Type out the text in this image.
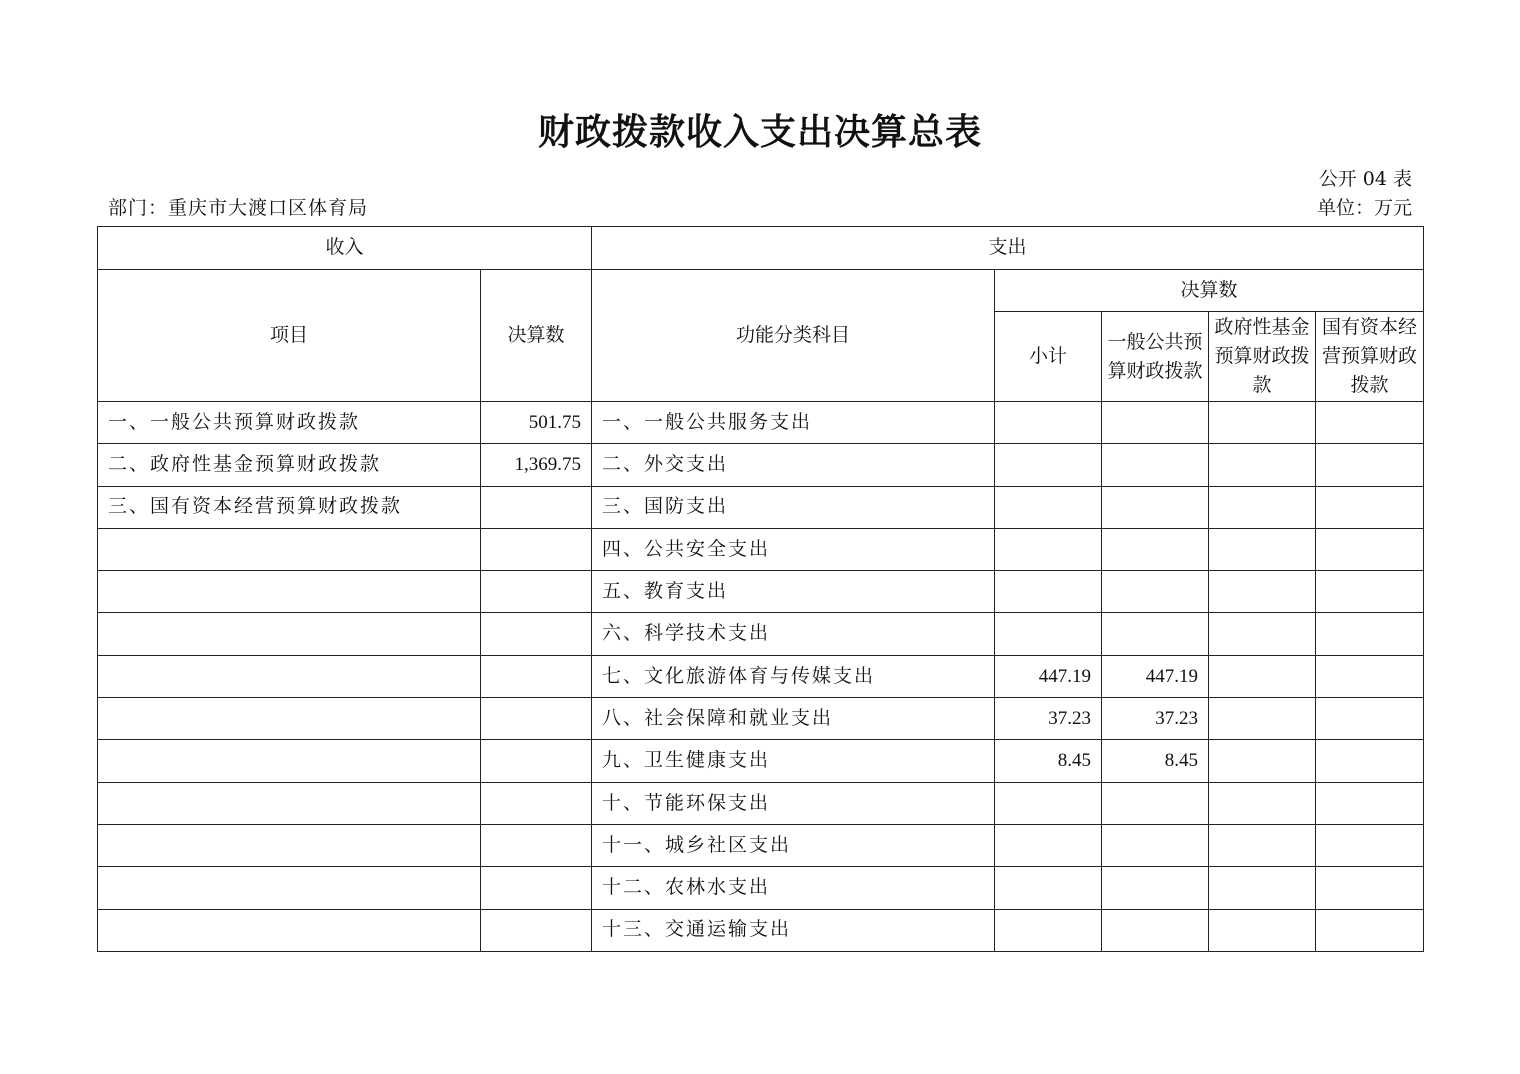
财政拨款收入支出决算总表
公开 04 表
部门：重庆市大渡口区体育局	单位：万元
收入		支出				
项目	决算数	功能分类科目	决算数			
			小计	一般公共预算财政拨款	政府性基金预算财政拨款	国有资本经营预算财政拨款
一、一般公共预算财政拨款	501.75	一、一般公共服务支出				
二、政府性基金预算财政拨款	1,369.75	二、外交支出				
三、国有资本经营预算财政拨款		三、国防支出				
		四、公共安全支出				
		五、教育支出				
		六、科学技术支出				
		七、文化旅游体育与传媒支出	447.19	447.19		
		八、社会保障和就业支出	37.23	37.23		
		九、卫生健康支出	8.45	8.45		
		十、节能环保支出				
		十一、城乡社区支出				
		十二、农林水支出				
		十三、交通运输支出				
